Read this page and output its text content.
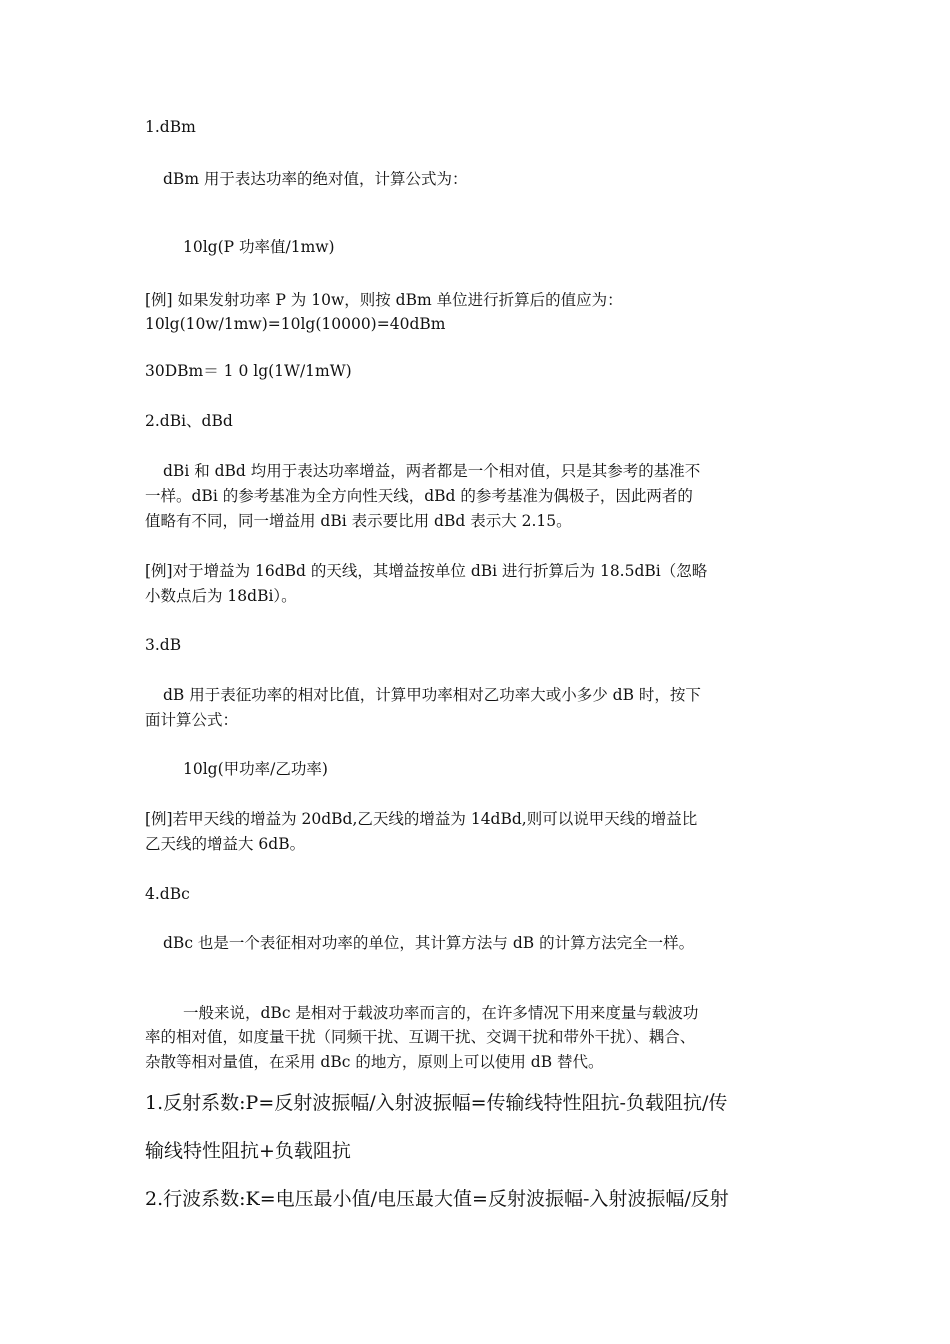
1.dBm

dBm 用于表达功率的绝对值，计算公式为：

10lg(P 功率值/1mw)

[例] 如果发射功率 P 为 10w，则按 dBm 单位进行折算后的值应为：

10lg(10w/1mw)=10lg(10000)=40dBm

30DBm＝ 1 0 lg(1W/1mW)

2.dBi、dBd

dBi 和 dBd 均用于表达功率增益，两者都是一个相对值，只是其参考的基准不

一样。dBi 的参考基准为全方向性天线，dBd 的参考基准为偶极子，因此两者的

值略有不同，同一增益用 dBi 表示要比用 dBd 表示大 2.15。

[例]对于增益为 16dBd 的天线，其增益按单位 dBi 进行折算后为 18.5dBi（忽略

小数点后为 18dBi）。

3.dB

dB 用于表征功率的相对比值，计算甲功率相对乙功率大或小多少 dB 时，按下

面计算公式：

10lg(甲功率/乙功率)

[例]若甲天线的增益为 20dBd,乙天线的增益为 14dBd,则可以说甲天线的增益比

乙天线的增益大 6dB。

4.dBc

dBc 也是一个表征相对功率的单位，其计算方法与 dB 的计算方法完全一样。

一般来说，dBc 是相对于载波功率而言的，在许多情况下用来度量与载波功

率的相对值，如度量干扰（同频干扰、互调干扰、交调干扰和带外干扰）、耦合、

杂散等相对量值，在采用 dBc 的地方，原则上可以使用 dB 替代。

1.反射系数:P=反射波振幅/入射波振幅=传输线特性阻抗-负载阻抗/传

输线特性阻抗+负载阻抗

2.行波系数:K=电压最小值/电压最大值=反射波振幅-入射波振幅/反射
